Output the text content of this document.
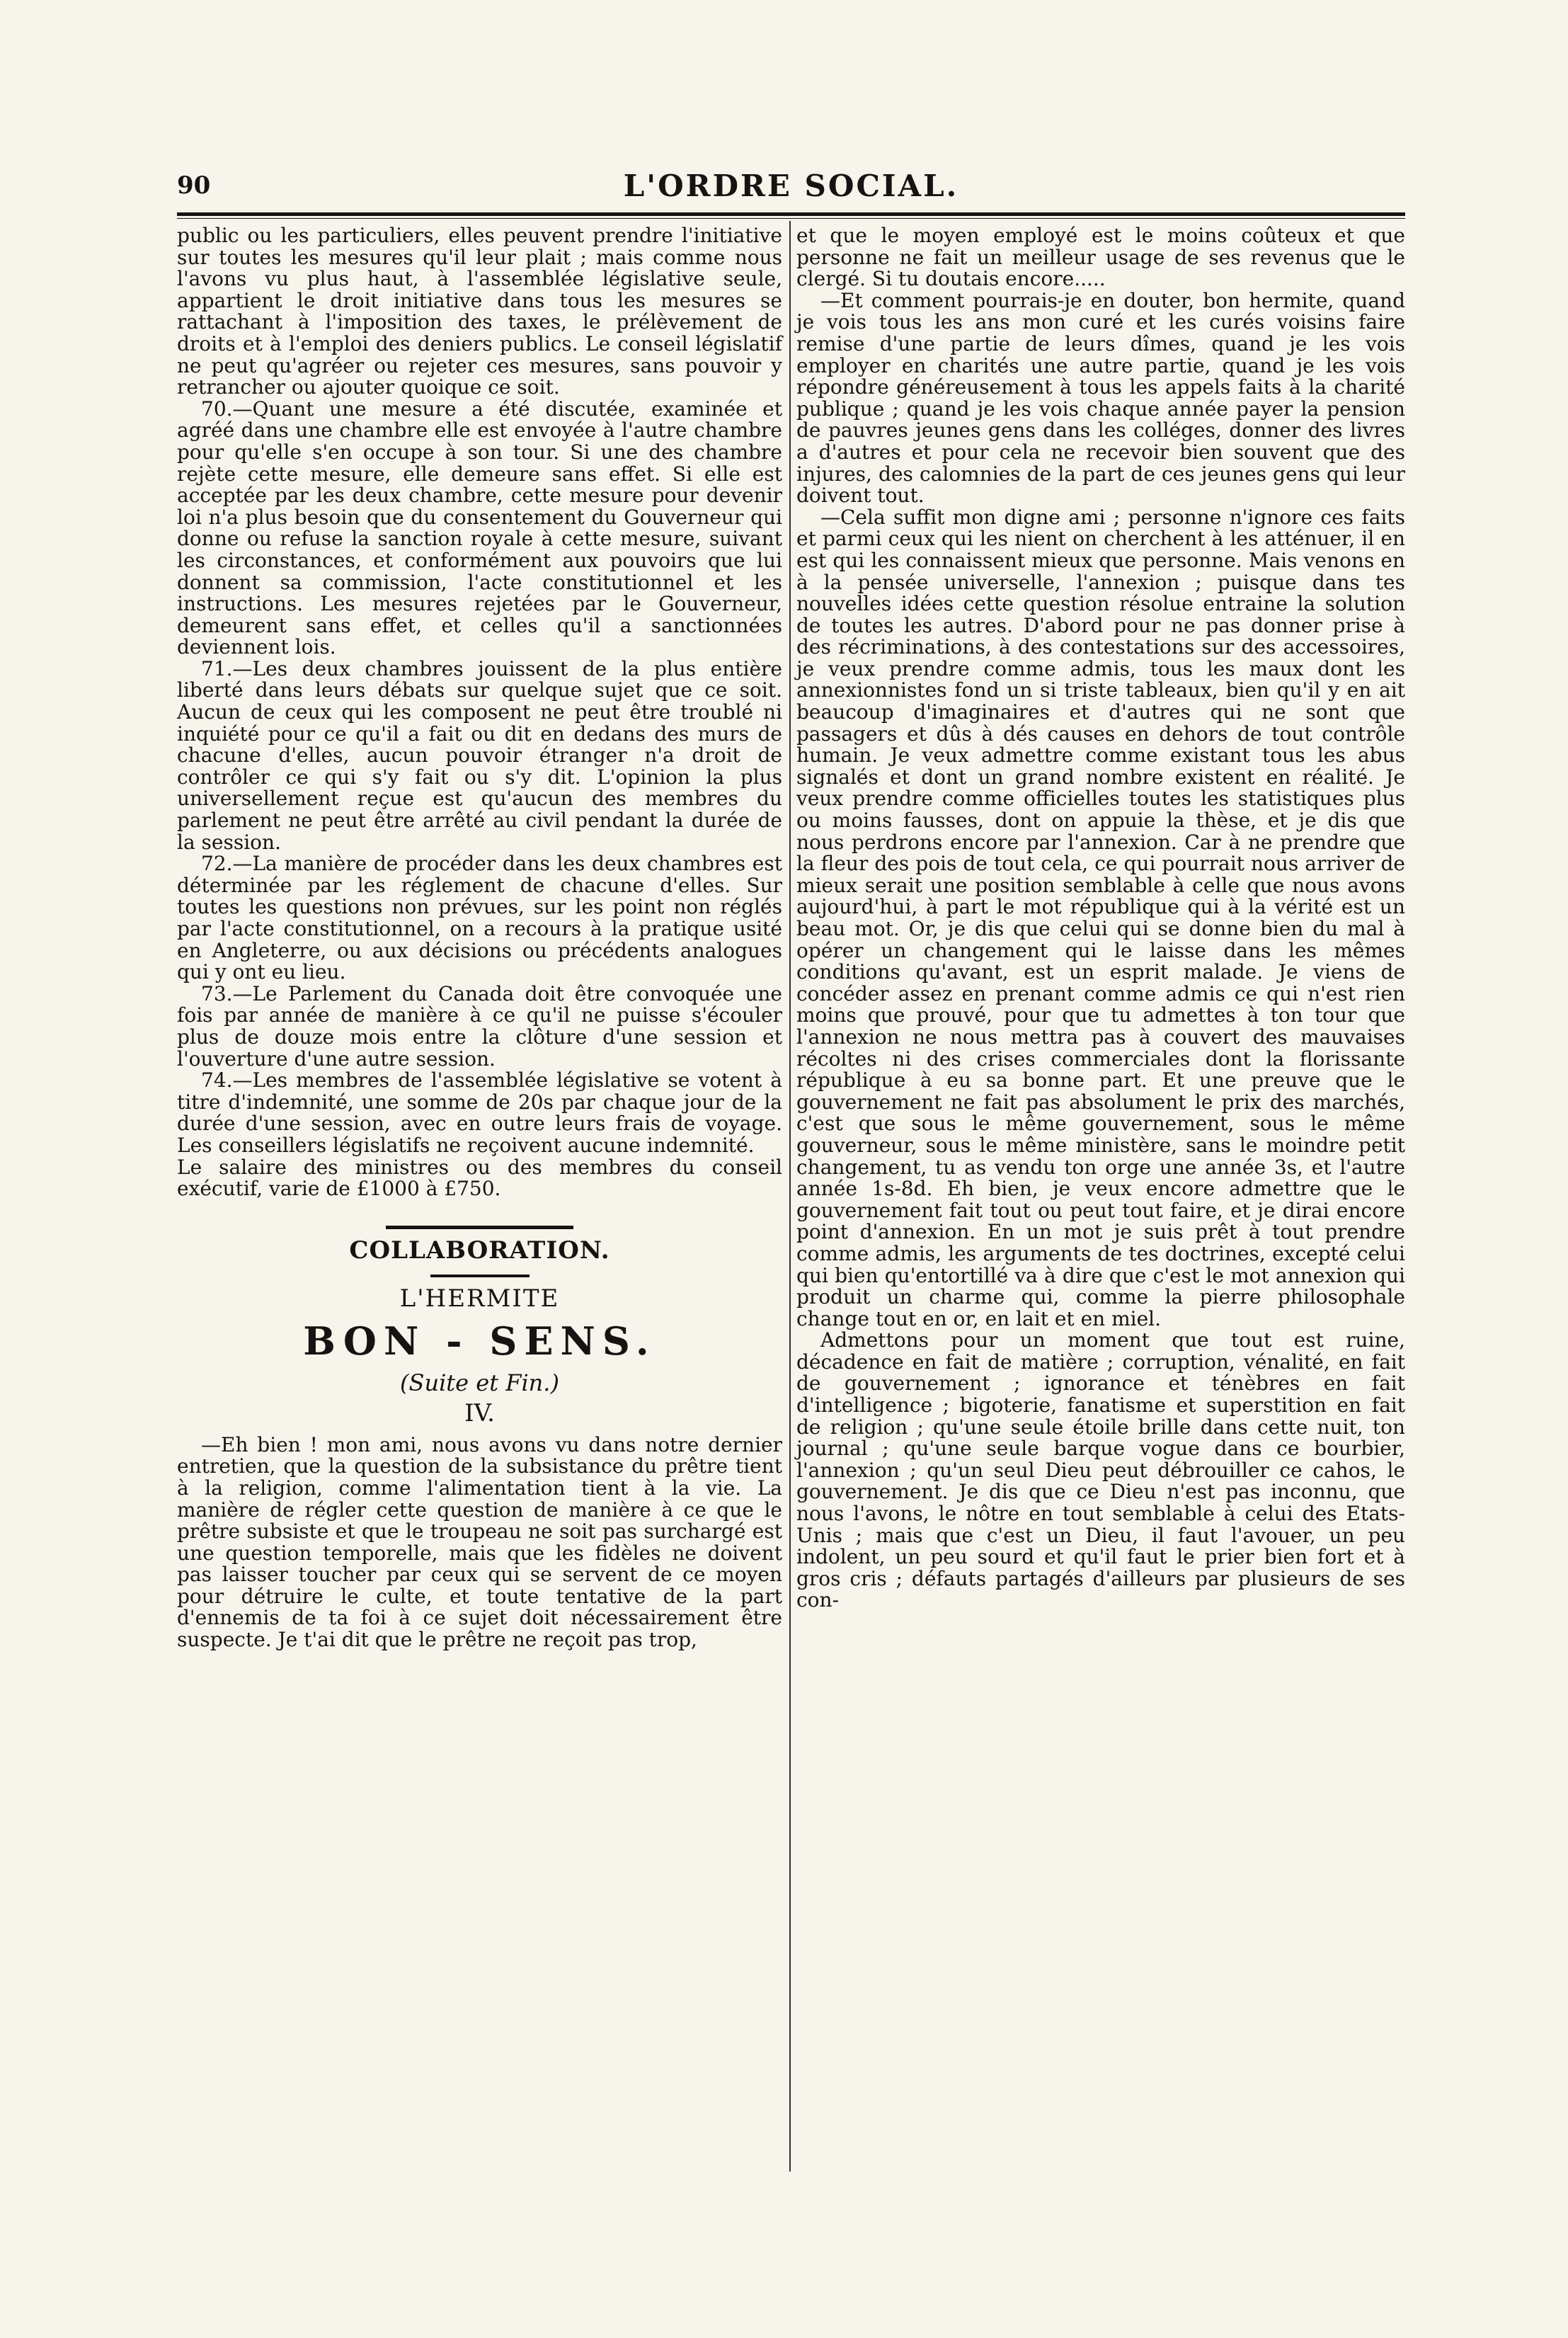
90	L'ORDRE SOCIAL.

public ou les particuliers, elles peuvent prendre l'initiative sur toutes les mesures qu'il leur plait ; mais comme nous l'avons vu plus haut, à l'assemblée législative seule, appartient le droit initiative dans tous les mesures se rattachant à l'imposition des taxes, le prélèvement de droits et à l'emploi des deniers publics. Le conseil législatif ne peut qu'agréer ou rejeter ces mesures, sans pouvoir y retrancher ou ajouter quoique ce soit.

70.—Quant une mesure a été discutée, examinée et agréé dans une chambre elle est envoyée à l'autre chambre pour qu'elle s'en occupe à son tour. Si une des chambre rejète cette mesure, elle demeure sans effet. Si elle est acceptée par les deux chambre, cette mesure pour devenir loi n'a plus besoin que du consentement du Gouverneur qui donne ou refuse la sanction royale à cette mesure, suivant les circonstances, et conformément aux pouvoirs que lui donnent sa commission, l'acte constitutionnel et les instructions. Les mesures rejetées par le Gouverneur, demeurent sans effet, et celles qu'il a sanctionnées deviennent lois.

71.—Les deux chambres jouissent de la plus entière liberté dans leurs débats sur quelque sujet que ce soit. Aucun de ceux qui les composent ne peut être troublé ni inquiété pour ce qu'il a fait ou dit en dedans des murs de chacune d'elles, aucun pouvoir étranger n'a droit de contrôler ce qui s'y fait ou s'y dit. L'opinion la plus universellement reçue est qu'aucun des membres du parlement ne peut être arrêté au civil pendant la durée de la session.

72.—La manière de procéder dans les deux chambres est déterminée par les réglement de chacune d'elles. Sur toutes les questions non prévues, sur les point non réglés par l'acte constitutionnel, on a recours à la pratique usité en Angleterre, ou aux décisions ou précédents analogues qui y ont eu lieu.

73.—Le Parlement du Canada doit être convoquée une fois par année de manière à ce qu'il ne puisse s'écouler plus de douze mois entre la clôture d'une session et l'ouverture d'une autre session.

74.—Les membres de l'assemblée législative se votent à titre d'indemnité, une somme de 20s par chaque jour de la durée d'une session, avec en outre leurs frais de voyage. Les conseillers législatifs ne reçoivent aucune indemnité.

Le salaire des ministres ou des membres du conseil exécutif, varie de £1000 à £750.

COLLABORATION.
L'HERMITE
BON - SENS.
(Suite et Fin.)
IV.

—Eh bien ! mon ami, nous avons vu dans notre dernier entretien, que la question de la subsistance du prêtre tient à la religion, comme l'alimentation tient à la vie. La manière de régler cette question de manière à ce que le prêtre subsiste et que le troupeau ne soit pas surchargé est une question temporelle, mais que les fidèles ne doivent pas laisser toucher par ceux qui se servent de ce moyen pour détruire le culte, et toute tentative de la part d'ennemis de ta foi à ce sujet doit nécessairement être suspecte. Je t'ai dit que le prêtre ne reçoit pas trop,

et que le moyen employé est le moins coûteux et que personne ne fait un meilleur usage de ses revenus que le clergé. Si tu doutais encore.....

—Et comment pourrais-je en douter, bon hermite, quand je vois tous les ans mon curé et les curés voisins faire remise d'une partie de leurs dîmes, quand je les vois employer en charités une autre partie, quand je les vois répondre généreusement à tous les appels faits à la charité publique ; quand je les vois chaque année payer la pension de pauvres jeunes gens dans les colléges, donner des livres a d'autres et pour cela ne recevoir bien souvent que des injures, des calomnies de la part de ces jeunes gens qui leur doivent tout.

—Cela suffit mon digne ami ; personne n'ignore ces faits et parmi ceux qui les nient on cherchent à les atténuer, il en est qui les connaissent mieux que personne. Mais venons en à la pensée universelle, l'annexion ; puisque dans tes nouvelles idées cette question résolue entraine la solution de toutes les autres. D'abord pour ne pas donner prise à des récriminations, à des contestations sur des accessoires, je veux prendre comme admis, tous les maux dont les annexionnistes fond un si triste tableaux, bien qu'il y en ait beaucoup d'imaginaires et d'autres qui ne sont que passagers et dûs à dés causes en dehors de tout contrôle humain. Je veux admettre comme existant tous les abus signalés et dont un grand nombre existent en réalité. Je veux prendre comme officielles toutes les statistiques plus ou moins fausses, dont on appuie la thèse, et je dis que nous perdrons encore par l'annexion. Car à ne prendre que la fleur des pois de tout cela, ce qui pourrait nous arriver de mieux serait une position semblable à celle que nous avons aujourd'hui, à part le mot république qui à la vérité est un beau mot. Or, je dis que celui qui se donne bien du mal à opérer un changement qui le laisse dans les mêmes conditions qu'avant, est un esprit malade. Je viens de concéder assez en prenant comme admis ce qui n'est rien moins que prouvé, pour que tu admettes à ton tour que l'annexion ne nous mettra pas à couvert des mauvaises récoltes ni des crises commerciales dont la florissante république à eu sa bonne part. Et une preuve que le gouvernement ne fait pas absolument le prix des marchés, c'est que sous le même gouvernement, sous le même gouverneur, sous le même ministère, sans le moindre petit changement, tu as vendu ton orge une année 3s, et l'autre année 1s-8d. Eh bien, je veux encore admettre que le gouvernement fait tout ou peut tout faire, et je dirai encore point d'annexion. En un mot je suis prêt à tout prendre comme admis, les arguments de tes doctrines, excepté celui qui bien qu'entortillé va à dire que c'est le mot annexion qui produit un charme qui, comme la pierre philosophale change tout en or, en lait et en miel.

Admettons pour un moment que tout est ruine, décadence en fait de matière ; corruption, vénalité, en fait de gouvernement ; ignorance et ténèbres en fait d'intelligence ; bigoterie, fanatisme et superstition en fait de religion ; qu'une seule étoile brille dans cette nuit, ton journal ; qu'une seule barque vogue dans ce bourbier, l'annexion ; qu'un seul Dieu peut débrouiller ce cahos, le gouvernement. Je dis que ce Dieu n'est pas inconnu, que nous l'avons, le nôtre en tout semblable à celui des Etats-Unis ; mais que c'est un Dieu, il faut l'avouer, un peu indolent, un peu sourd et qu'il faut le prier bien fort et à gros cris ; défauts partagés d'ailleurs par plusieurs de ses con-
